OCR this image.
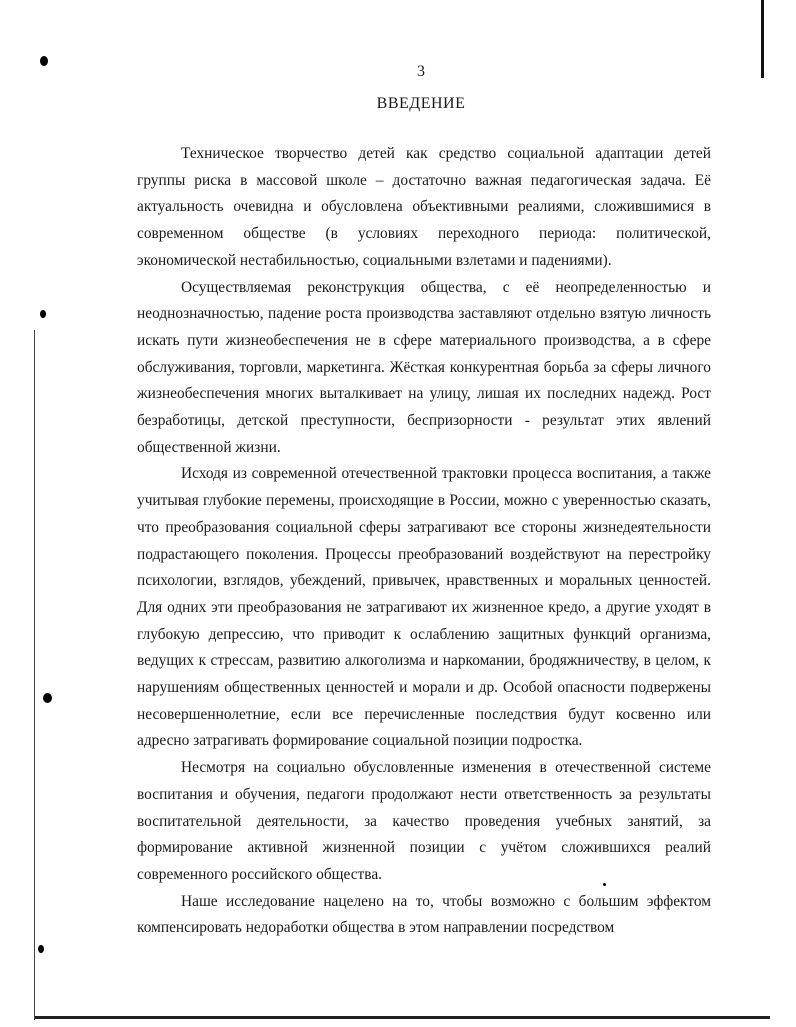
3
ВВЕДЕНИЕ

Техническое творчество детей как средство социальной адаптации детей группы риска в массовой школе – достаточно важная педагогическая задача. Её актуальность очевидна и обусловлена объективными реалиями, сложившимися в современном обществе (в условиях переходного периода: политической, экономической нестабильностью, социальными взлетами и падениями).

Осуществляемая реконструкция общества, с её неопределенностью и неоднозначностью, падение роста производства заставляют отдельно взятую личность искать пути жизнеобеспечения не в сфере материального производства, а в сфере обслуживания, торговли, маркетинга. Жёсткая конкурентная борьба за сферы личного жизнеобеспечения многих выталкивает на улицу, лишая их последних надежд. Рост безработицы, детской преступности, беспризорности - результат этих явлений общественной жизни.

Исходя из современной отечественной трактовки процесса воспитания, а также учитывая глубокие перемены, происходящие в России, можно с уверенностью сказать, что преобразования социальной сферы затрагивают все стороны жизнедеятельности подрастающего поколения. Процессы преобразований воздействуют на перестройку психологии, взглядов, убеждений, привычек, нравственных и моральных ценностей. Для одних эти преобразования не затрагивают их жизненное кредо, а другие уходят в глубокую депрессию, что приводит к ослаблению защитных функций организма, ведущих к стрессам, развитию алкоголизма и наркомании, бродяжничеству, в целом, к нарушениям общественных ценностей и морали и др. Особой опасности подвержены несовершеннолетние, если все перечисленные последствия будут косвенно или адресно затрагивать формирование социальной позиции подростка.

Несмотря на социально обусловленные изменения в отечественной системе воспитания и обучения, педагоги продолжают нести ответственность за результаты воспитательной деятельности, за качество проведения учебных занятий, за формирование активной жизненной позиции с учётом сложившихся реалий современного российского общества.

Наше исследование нацелено на то, чтобы возможно с большим эффектом компенсировать недоработки общества в этом направлении посредством
